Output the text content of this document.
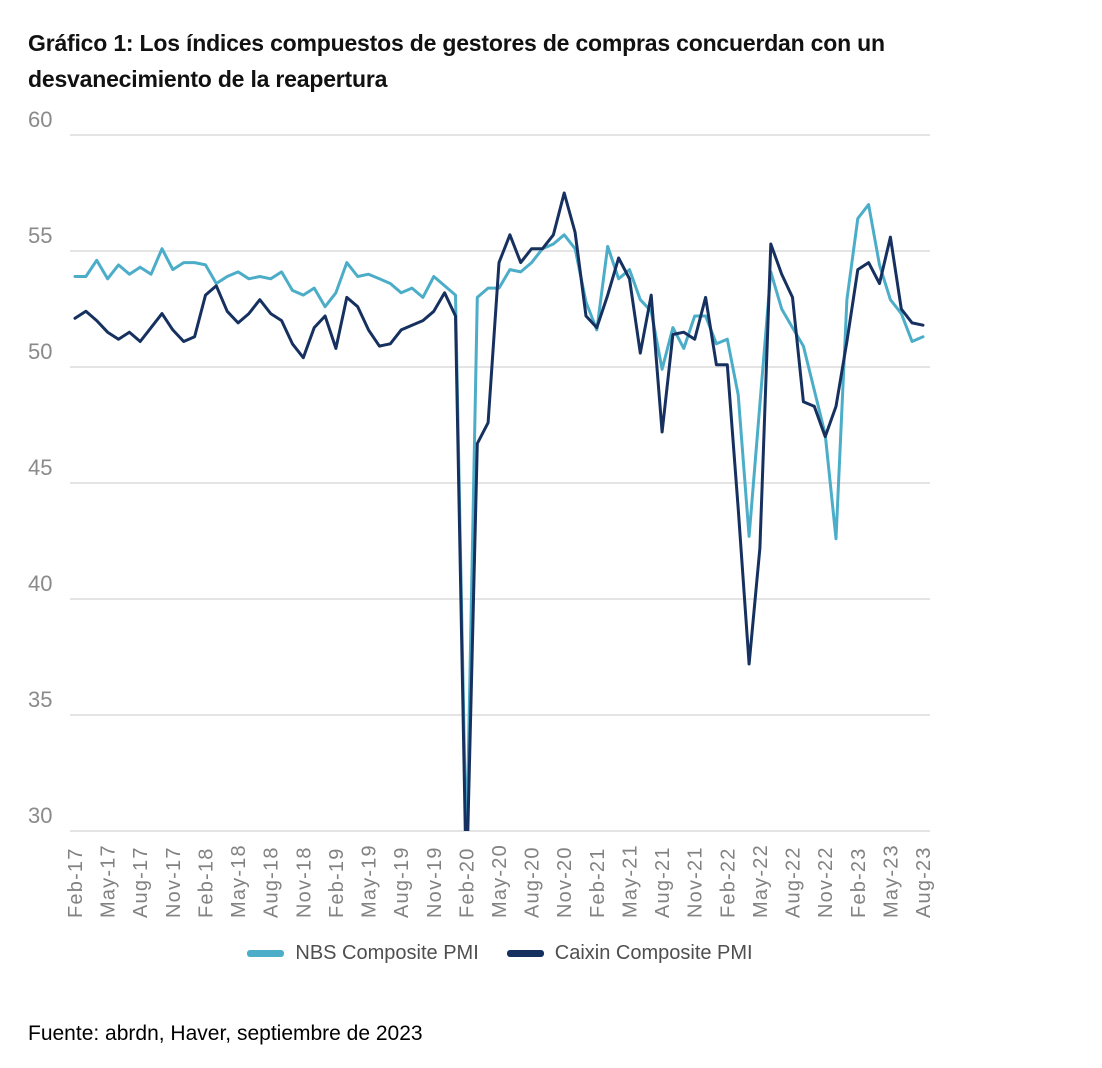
Gráfico 1: Los índices compuestos de gestores de compras concuerdan con un desvanecimiento de la reapertura
30
35
40
45
50
55
60
Feb-17 May-17 Aug-17 Nov-17 Feb-18 May-18 Aug-18 Nov-18 Feb-19 May-19 Aug-19 Nov-19 Feb-20 May-20 Aug-20 Nov-20 Feb-21 May-21 Aug-21 Nov-21 Feb-22 May-22 Aug-22 Nov-22 Feb-23 May-23 Aug-23
NBS Composite PMI	Caixin Composite PMI
Fuente: abrdn, Haver, septiembre de 2023
